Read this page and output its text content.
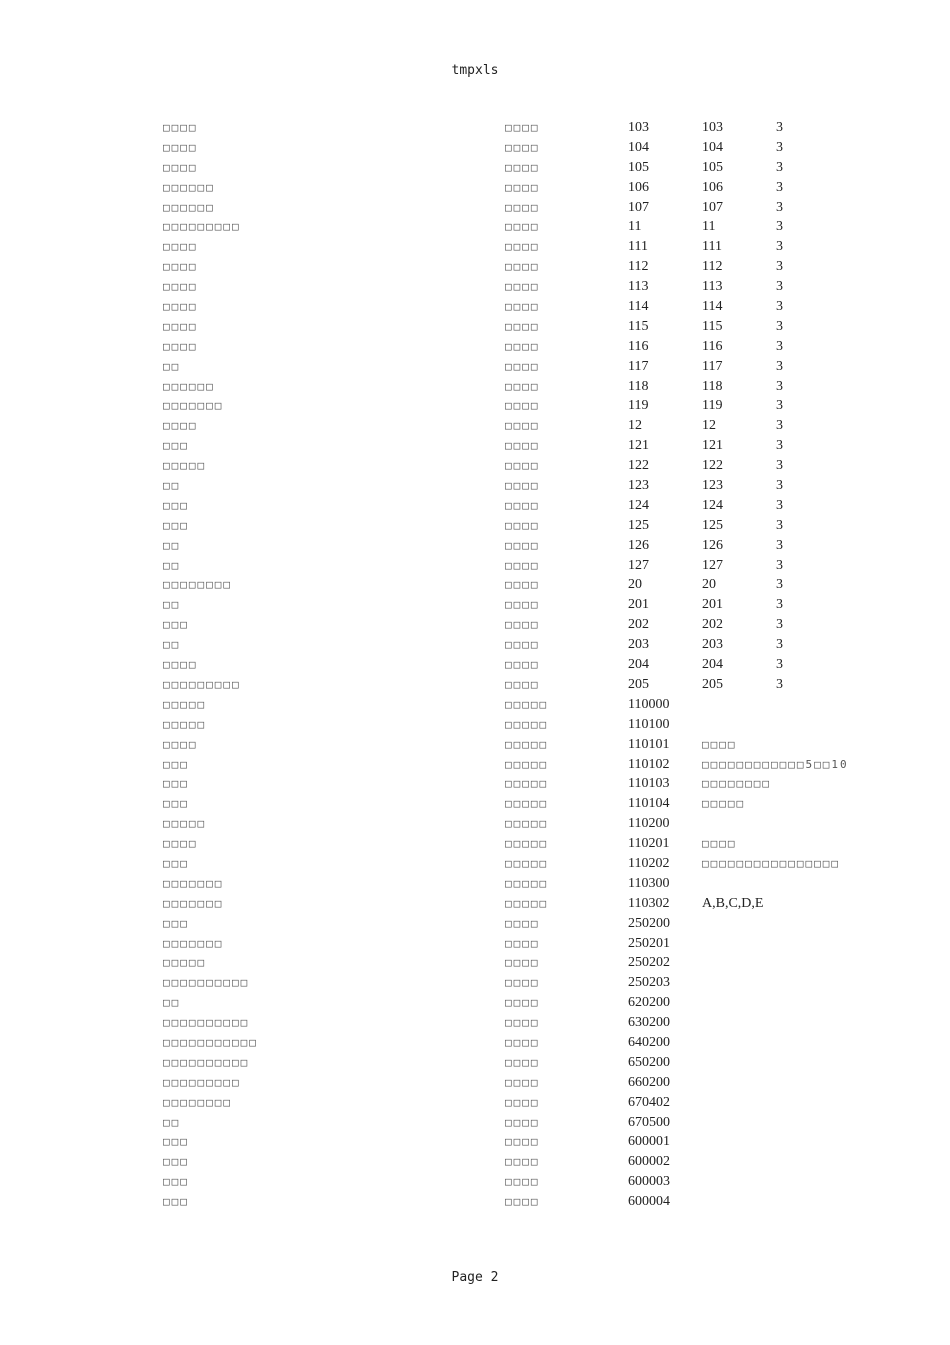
tmpxls
□□□□	□□□□	103	103	3
□□□□	□□□□	104	104	3
□□□□	□□□□	105	105	3
□□□□□□	□□□□	106	106	3
□□□□□□	□□□□	107	107	3
□□□□□□□□□	□□□□	11	11	3
□□□□	□□□□	111	111	3
□□□□	□□□□	112	112	3
□□□□	□□□□	113	113	3
□□□□	□□□□	114	114	3
□□□□	□□□□	115	115	3
□□□□	□□□□	116	116	3
□□	□□□□	117	117	3
□□□□□□	□□□□	118	118	3
□□□□□□□	□□□□	119	119	3
□□□□	□□□□	12	12	3
□□□	□□□□	121	121	3
□□□□□	□□□□	122	122	3
□□	□□□□	123	123	3
□□□	□□□□	124	124	3
□□□	□□□□	125	125	3
□□	□□□□	126	126	3
□□	□□□□	127	127	3
□□□□□□□□	□□□□	20	20	3
□□	□□□□	201	201	3
□□□	□□□□	202	202	3
□□	□□□□	203	203	3
□□□□	□□□□	204	204	3
□□□□□□□□□	□□□□	205	205	3
□□□□□	□□□□□	110000
□□□□□	□□□□□	110100
□□□□	□□□□□	110101	□□□□
□□□	□□□□□	110102	□□□□□□□□□□□□5□□10
□□□	□□□□□	110103	□□□□□□□□
□□□	□□□□□	110104	□□□□□
□□□□□	□□□□□	110200
□□□□	□□□□□	110201	□□□□
□□□	□□□□□	110202	□□□□□□□□□□□□□□□□
□□□□□□□	□□□□□	110300
□□□□□□□	□□□□□	110302 A,B,C,D,E
□□□	□□□□	250200
□□□□□□□	□□□□	250201
□□□□□	□□□□	250202
□□□□□□□□□□	□□□□	250203
□□	□□□□	620200
□□□□□□□□□□	□□□□	630200
□□□□□□□□□□□	□□□□	640200
□□□□□□□□□□	□□□□	650200
□□□□□□□□□	□□□□	660200
□□□□□□□□	□□□□	670402
□□	□□□□	670500
□□□	□□□□	600001
□□□	□□□□	600002
□□□	□□□□	600003
□□□	□□□□	600004
Page 2
